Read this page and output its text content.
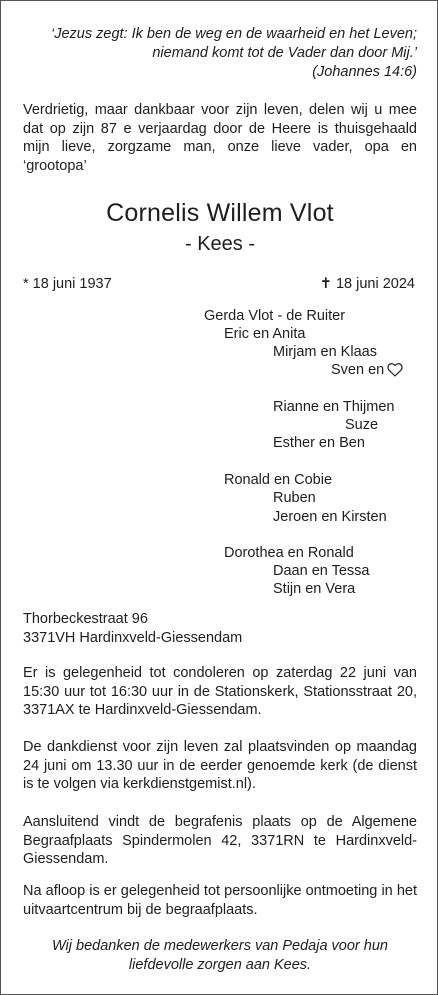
‘Jezus zegt: Ik ben de weg en de waarheid en het Leven;
niemand komt tot de Vader dan door Mij.’
(Johannes 14:6)
Verdrietig, maar dankbaar voor zijn leven, delen wij u mee dat op zijn 87 e verjaardag door de Heere is thuisgehaald mijn lieve, zorgzame man, onze lieve vader, opa en ‘grootopa’
Cornelis Willem Vlot
- Kees -
* 18 juni 1937	✝ 18 juni 2024
Gerda Vlot - de Ruiter
Eric en Anita
Mirjam en Klaas
Sven en
Rianne en Thijmen
Suze
Esther en Ben
Ronald en Cobie
Ruben
Jeroen en Kirsten
Dorothea en Ronald
Daan en Tessa
Stijn en Vera
Thorbeckestraat 96
3371VH Hardinxveld-Giessendam
Er is gelegenheid tot condoleren op zaterdag 22 juni van 15:30 uur tot 16:30 uur in de Stationskerk, Stationsstraat 20, 3371AX te Hardinxveld-Giessendam.
De dankdienst voor zijn leven zal plaatsvinden op maandag 24 juni om 13.30 uur in de eerder genoemde kerk (de dienst is te volgen via kerkdienstgemist.nl).
Aansluitend vindt de begrafenis plaats op de Algemene Begraafplaats Spindermolen 42, 3371RN te Hardinxveld-Giessendam.
Na afloop is er gelegenheid tot persoonlijke ontmoeting in het uitvaartcentrum bij de begraafplaats.
Wij bedanken de medewerkers van Pedaja voor hun
liefdevolle zorgen aan Kees.
